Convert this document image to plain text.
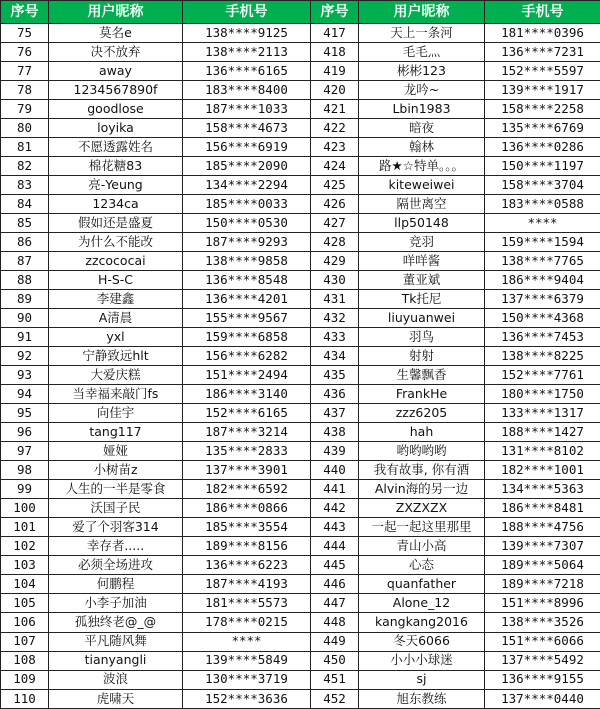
序号	用户昵称	手机号	序号	用户昵称	手机号
75	莫名e	138****9125	417	天上一条河	181****0396
76	决不放弃	138****2113	418	毛毛灬	136****7231
77	away	136****6165	419	彬彬123	152****5597
78	1234567890f	183****8400	420	龙吟~	139****1917
79	goodlose	187****1033	421	Lbin1983	158****2258
80	loyika	158****4673	422	暗夜	135****6769
81	不愿透露姓名	156****6919	423	翰林	136****0286
82	棉花糖83	185****2090	424	路★☆特单。。。	150****1197
83	亮-Yeung	134****2294	425	kiteweiwei	158****3704
84	1234ca	185****0033	426	隔世离空	183****0588
85	假如还是盛夏	150****0530	427	llp50148	****
86	为什么不能改	187****9293	428	竞羽	159****1594
87	zzcococai	138****9858	429	咩咩酱	138****7765
88	H-S-C	136****8548	430	董亚斌	186****9404
89	李建鑫	136****4201	431	Tk托尼	137****6379
90	A清晨	155****9567	432	liuyuanwei	150****4368
91	yxl	159****6858	433	羽鸟	136****7453
92	宁静致远hlt	156****6282	434	射射	138****8225
93	大爱庆糕	151****2494	435	生馨飘香	152****7761
94	当幸福来敲门fs	186****3140	436	FrankHe	180****1750
95	向佳宇	152****6165	437	zzz6205	133****1317
96	tang117	187****3214	438	hah	188****1427
97	娅娅	135****2833	439	哟哟哟哟	131****8102
98	小树苗z	137****3901	440	我有故事, 你有酒	182****1001
99	人生的一半是零食	182****6592	441	Alvin海的另一边	134****5363
100	沃国子民	186****0866	442	ZXZXZX	186****8481
101	爱了个羽客314	185****3554	443	一起一起这里那里	188****4756
102	幸存者.....	189****8156	444	青山小高	139****7307
103	必须全场进攻	136****6223	445	心态	189****5064
104	何鹏程	187****4193	446	quanfather	189****7218
105	小李子加油	181****5573	447	Alone_12	151****8996
106	孤独终老@_@	178****0215	448	kangkang2016	138****3526
107	平凡随风舞	****	449	冬天6066	151****6066
108	tianyangli	139****5849	450	小小小球迷	137****5492
109	波浪	130****3719	451	sj	136****9155
110	虎啸天	152****3636	452	旭东教练	137****0440
